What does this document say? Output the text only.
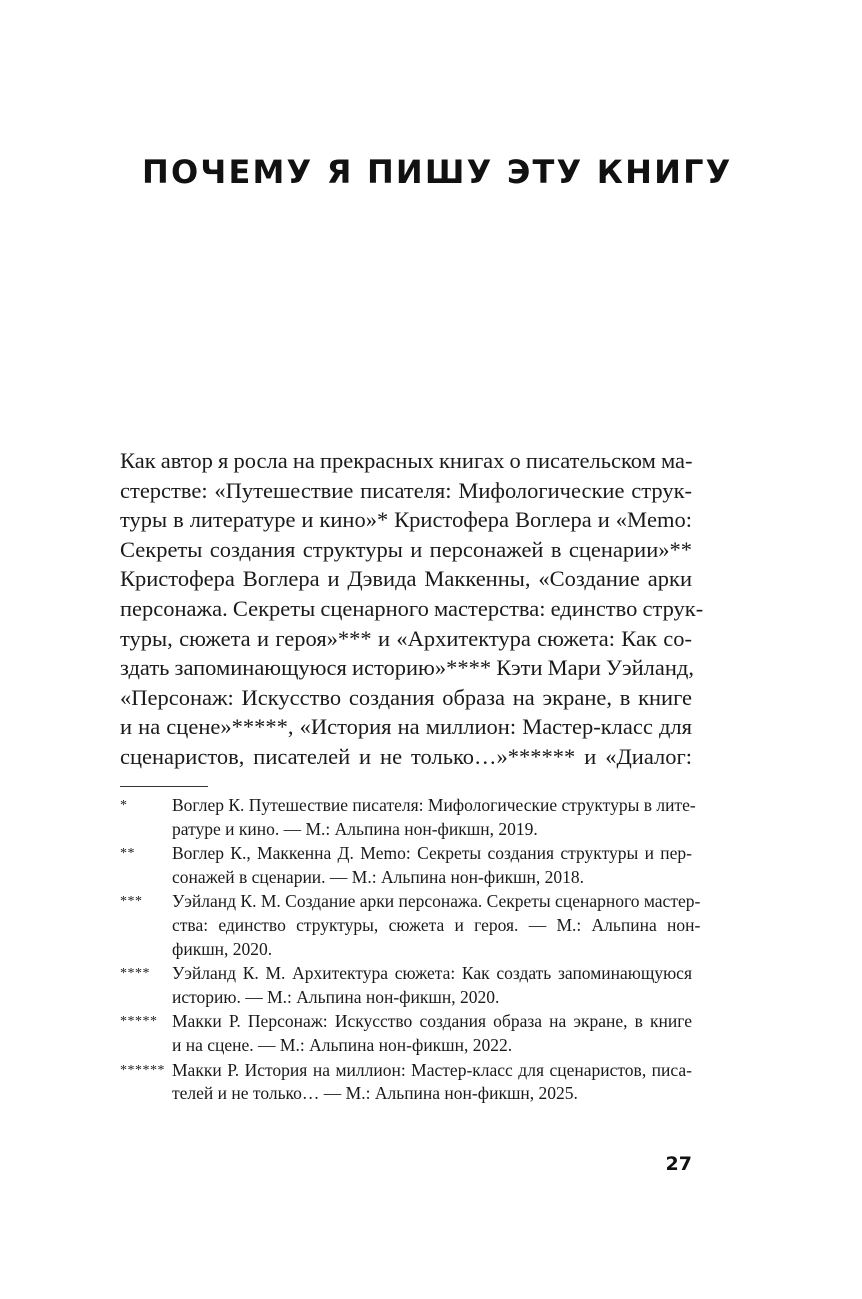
ПОЧЕМУ Я ПИШУ ЭТУ КНИГУ
Как автор я росла на прекрасных книгах о писательском ма-
стерстве: «Путешествие писателя: Мифологические струк-
туры в литературе и кино»* Кристофера Воглера и «Memo:
Секреты создания структуры и персонажей в сценарии»**
Кристофера Воглера и Дэвида Маккенны, «Создание арки
персонажа. Секреты сценарного мастерства: единство струк-
туры, сюжета и героя»*** и «Архитектура сюжета: Как со-
здать запоминающуюся историю»**** Кэти Мари Уэйланд,
«Персонаж: Искусство создания образа на экране, в книге
и на сцене»*****, «История на миллион: Мастер-класс для
сценаристов, писателей и не только…»****** и «Диалог:
*	Воглер К. Путешествие писателя: Мифологические структуры в лите-
ратуре и кино. — М.: Альпина нон-фикшн, 2019.
**	Воглер К., Маккенна Д. Memo: Секреты создания структуры и пер-
сонажей в сценарии. — М.: Альпина нон-фикшн, 2018.
***	Уэйланд К. М. Создание арки персонажа. Секреты сценарного мастер-
ства: единство структуры, сюжета и героя. — М.: Альпина нон-
фикшн, 2020.
****	Уэйланд К. М. Архитектура сюжета: Как создать запоминающуюся
историю. — М.: Альпина нон-фикшн, 2020.
***** Макки Р. Персонаж: Искусство создания образа на экране, в книге
и на сцене. — М.: Альпина нон-фикшн, 2022.
****** Макки Р. История на миллион: Мастер-класс для сценаристов, писа-
телей и не только… — М.: Альпина нон-фикшн, 2025.
27
